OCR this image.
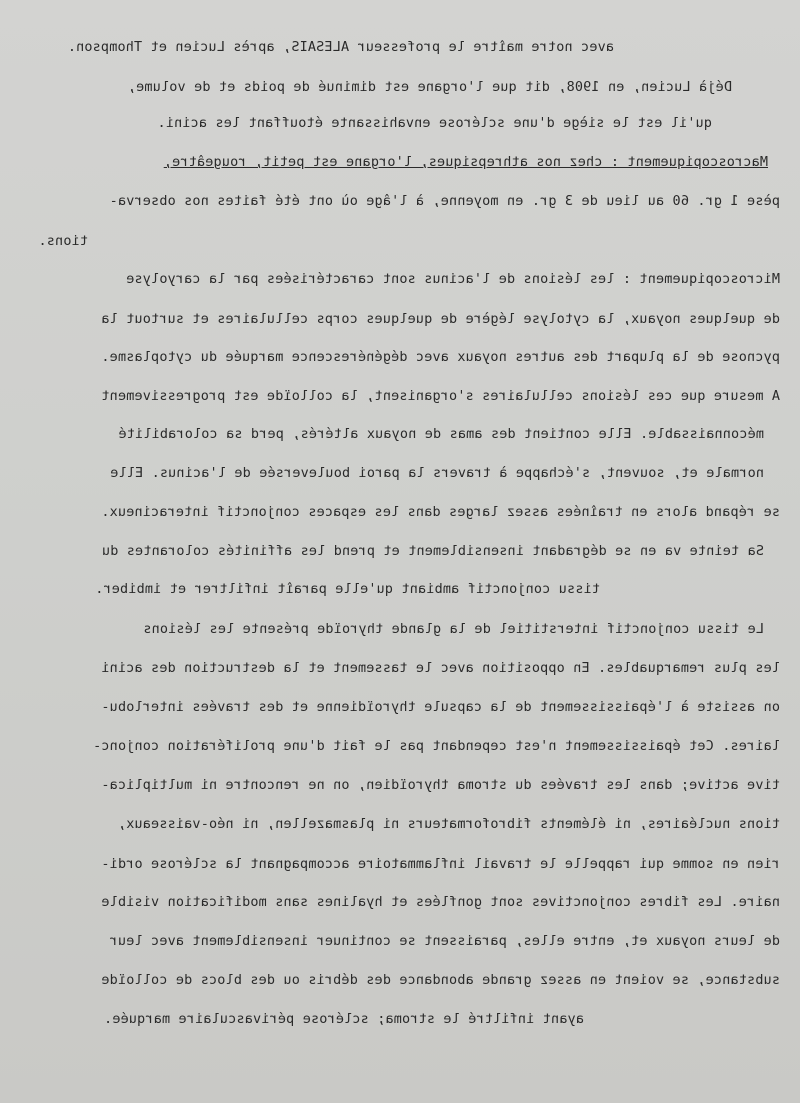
avec notre maître le professeur ALESAIS, après Lucien et Thompson.
Déjà Lucien, en 1908, dit que l'organe est diminué de poids et de volume,
qu'il est le siège d'une sclérose envahissante étouffant les acini.
Macroscopiquement : chez nos athrepsiques, l'organe est petit, rougeâtre,
pèse 1 gr. 60 au lieu de 3 gr. en moyenne, à l'âge où ont été faites nos observa-
tions.
Microscopiquement : les lésions de l'acinus sont caractérisées par la caryolyse
de quelques noyaux, la cytolyse légère de quelques corps cellulaires et surtout la
pycnose de la plupart des autres noyaux avec dégénérescence marquée du cytoplasme.
A mesure que ces lésions cellulaires s'organisent, la colloïde est progressivement
méconnaissable. Elle contient des amas de noyaux altérés, perd sa colorabilité
normale et, souvent, s'échappe à travers la paroi bouleversée de l'acinus. Elle
se répand alors en traînées assez larges dans les espaces conjonctif interacineux.
Sa teinte va en se dégradant insensiblement et prend les affinités colorantes du
tissu conjonctif ambiant qu'elle paraît infiltrer et imbiber.
Le tissu conjonctif interstitiel de la glande thyroïde présente les lésions
les plus remarquables. En opposition avec le tassement et la destruction des acini
on assiste à l'épaississement de la capsule thyroïdienne et des travées interlobu-
laires. Cet épaississement n'est cependant pas le fait d'une prolifération conjonc-
tive active; dans les travées du stroma thyroïdien, on ne rencontre ni multiplica-
tions nucléaires, ni éléments fibroformateurs ni plasmazellen, ni néo-vaisseaux,
rien en somme qui rappelle le travail inflammatoire accompagnant la sclérose ordi-
naire. Les fibres conjonctives sont gonflées et hyalines sans modification visible
de leurs noyaux et, entre elles, paraissent se continuer insensiblement avec leur
substance, se voient en assez grande abondance des débris ou des blocs de colloïde
ayant infiltré le stroma; sclérose périvasculaire marquée.
